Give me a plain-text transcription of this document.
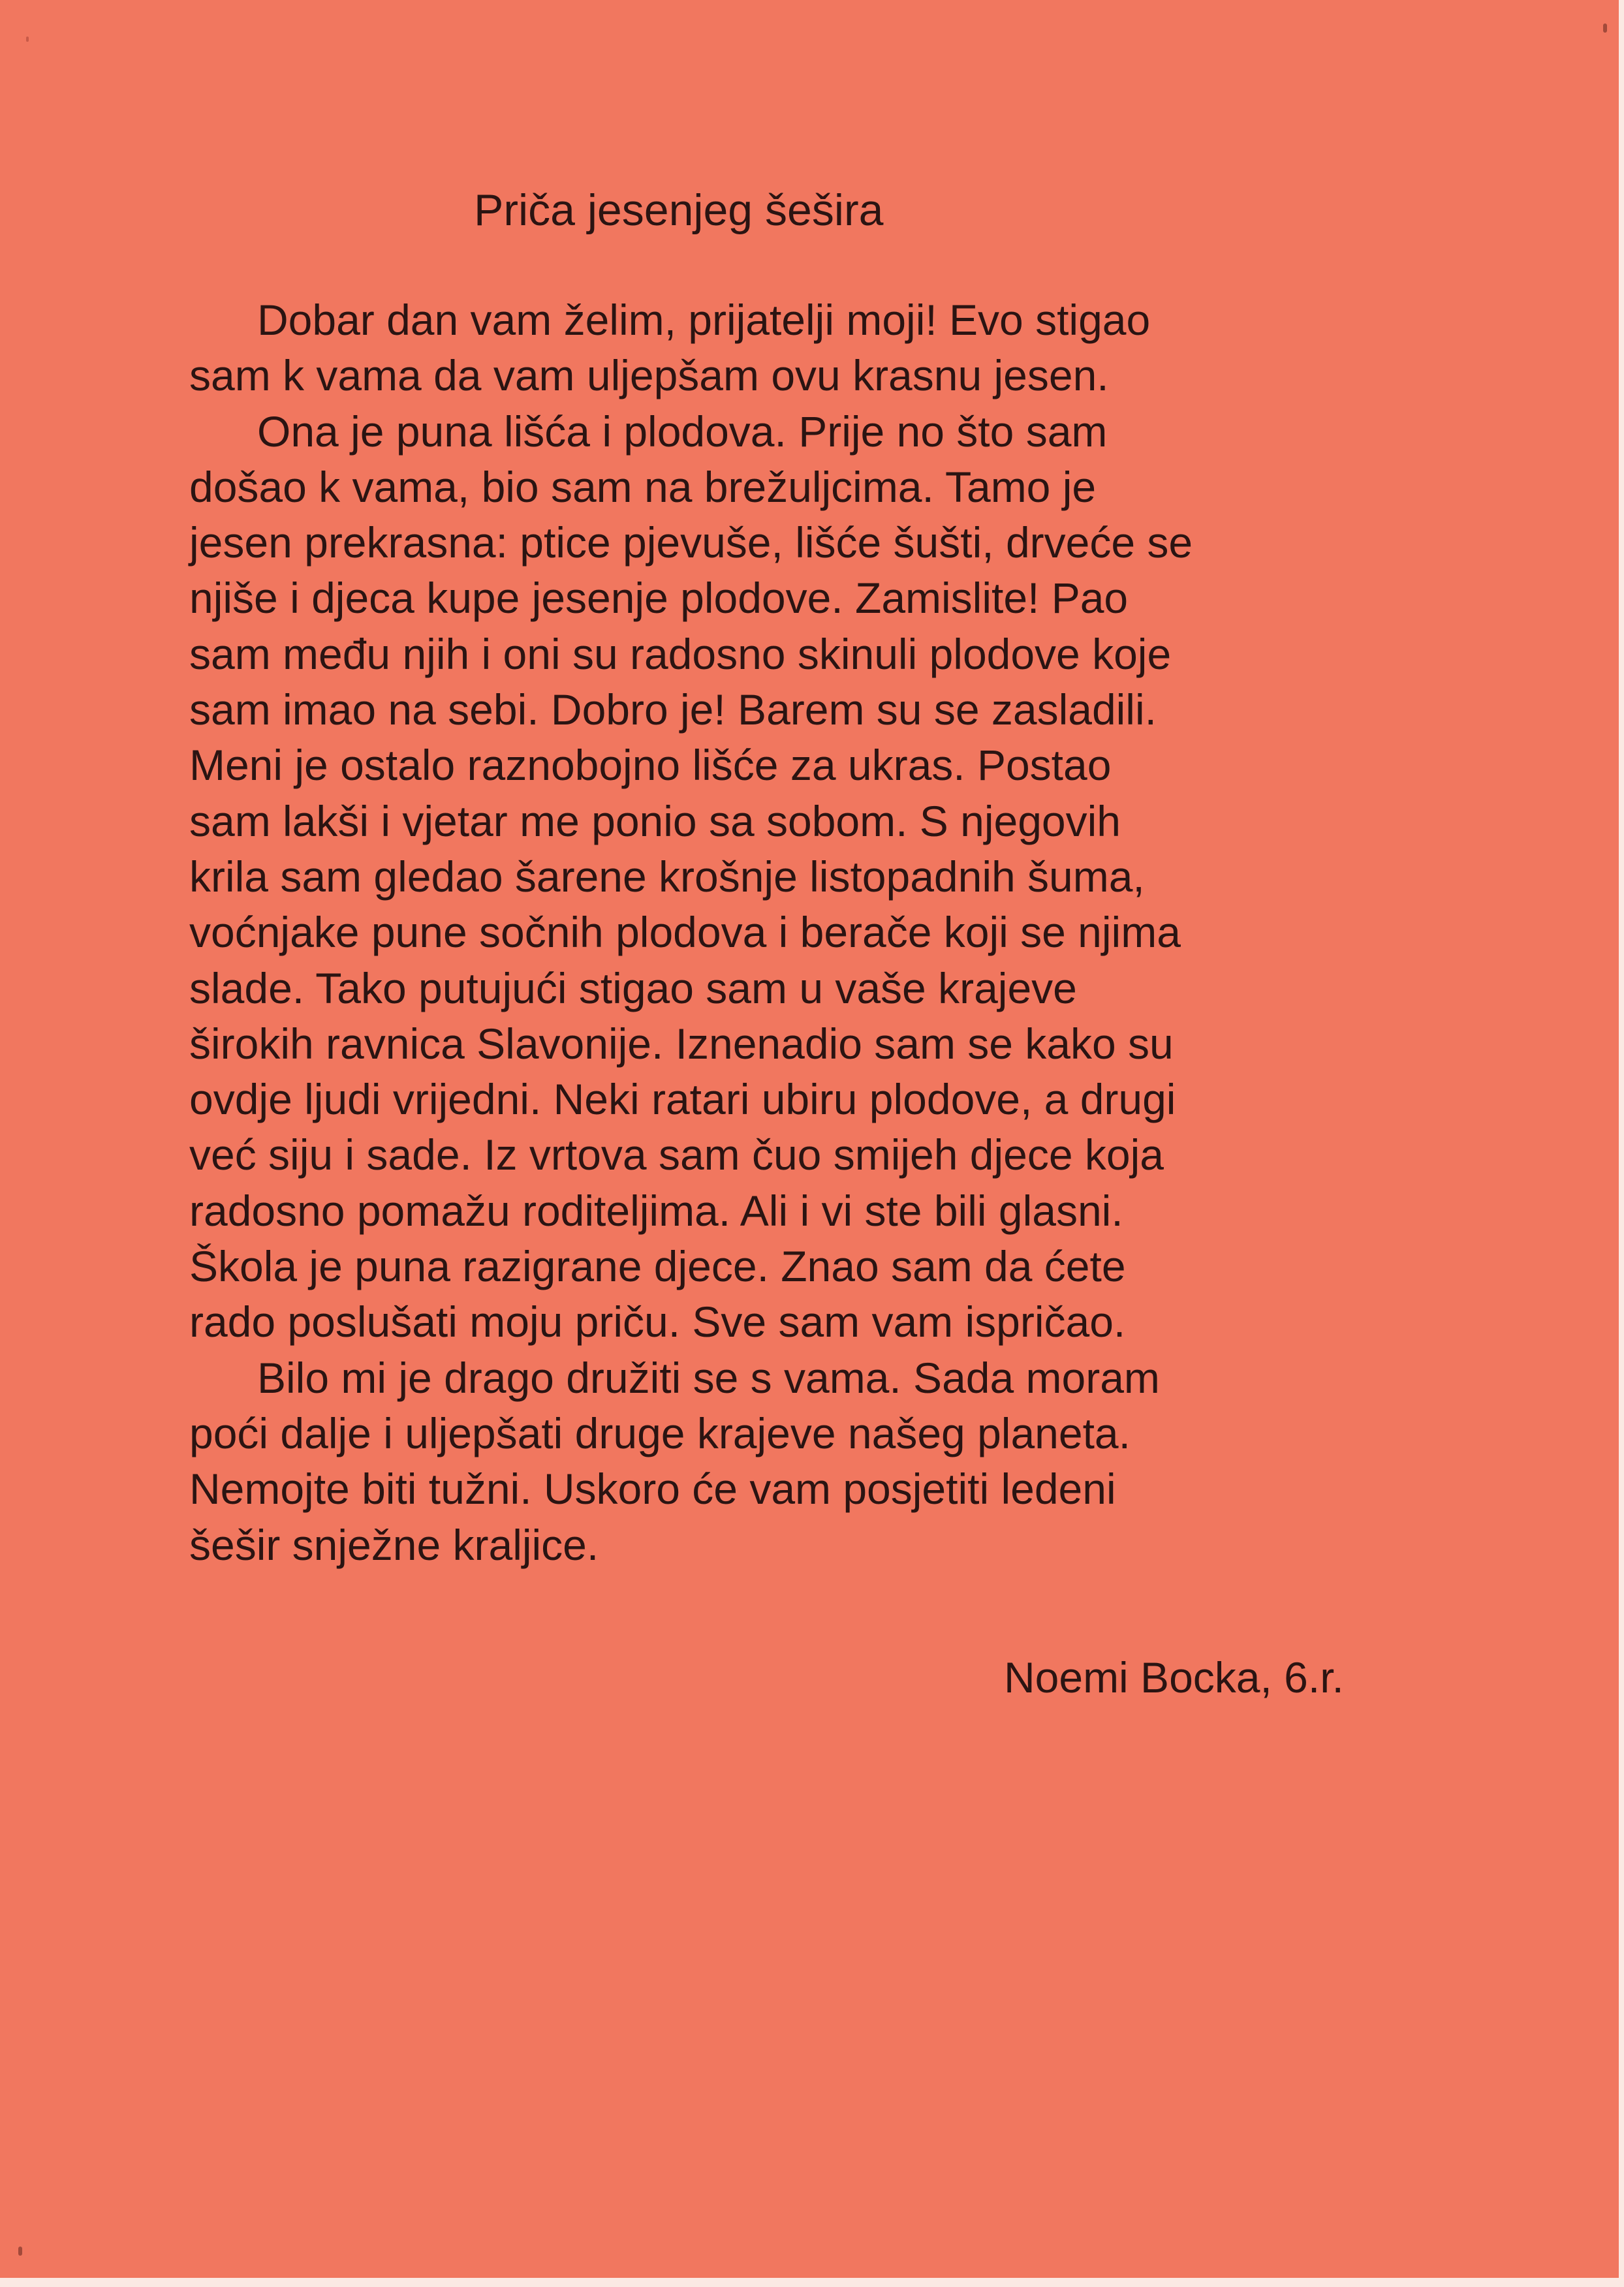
Priča jesenjeg šešira
Dobar dan vam želim, prijatelji moji! Evo stigao
sam k vama da vam uljepšam ovu krasnu jesen.
Ona je puna lišća i plodova. Prije no što sam
došao k vama, bio sam na brežuljcima. Tamo je
jesen prekrasna: ptice pjevuše, lišće šušti, drveće se
njiše i djeca kupe jesenje plodove. Zamislite! Pao
sam među njih i oni su radosno skinuli plodove koje
sam imao na sebi. Dobro je! Barem su se zasladili.
Meni je ostalo raznobojno lišće za ukras. Postao
sam lakši i vjetar me ponio sa sobom. S njegovih
krila sam gledao šarene krošnje listopadnih šuma,
voćnjake pune sočnih plodova i berače koji se njima
slade. Tako putujući stigao sam u vaše krajeve
širokih ravnica Slavonije. Iznenadio sam se kako su
ovdje ljudi vrijedni. Neki ratari ubiru plodove, a drugi
već siju i sade. Iz vrtova sam čuo smijeh djece koja
radosno pomažu roditeljima. Ali i vi ste bili glasni.
Škola je puna razigrane djece. Znao sam da ćete
rado poslušati moju priču. Sve sam vam ispričao.
Bilo mi je drago družiti se s vama. Sada moram
poći dalje i uljepšati druge krajeve našeg planeta.
Nemojte biti tužni. Uskoro će vam posjetiti ledeni
šešir snježne kraljice.
Noemi Bocka, 6.r.
